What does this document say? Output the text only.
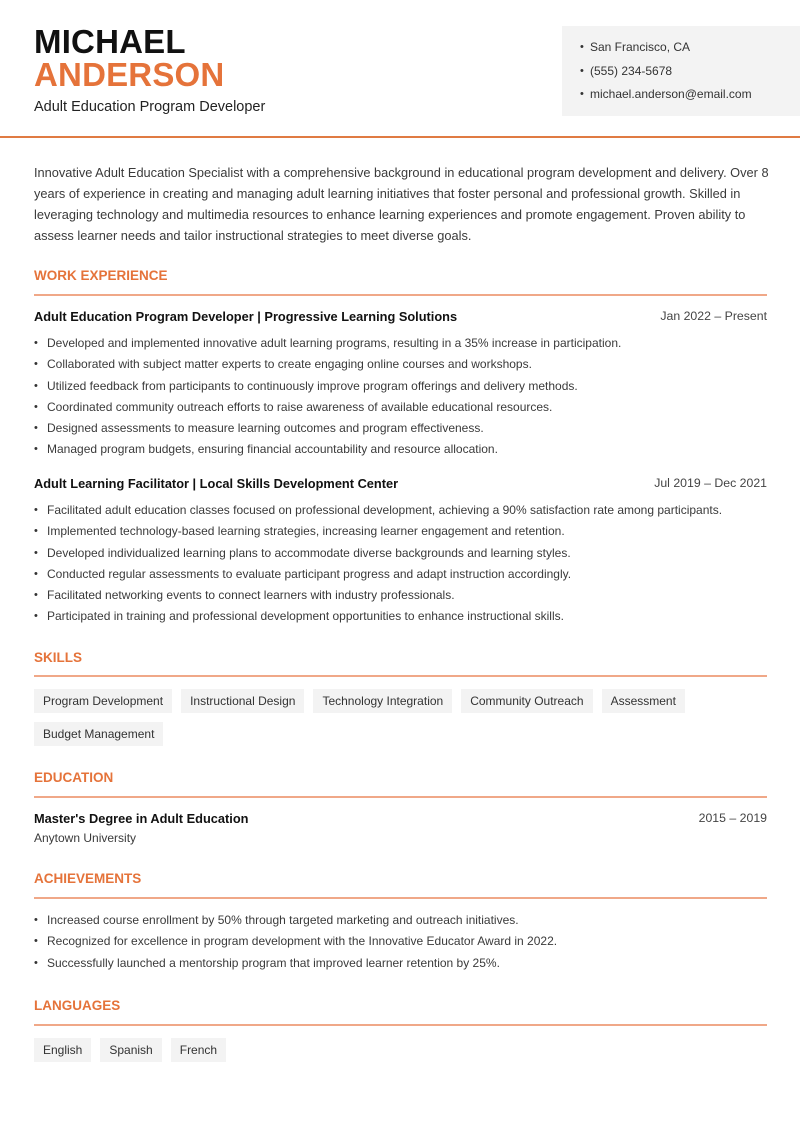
MICHAEL
ANDERSON
Adult Education Program Developer
• San Francisco, CA
• (555) 234-5678
• michael.anderson@email.com

Innovative Adult Education Specialist with a comprehensive background in educational program development and delivery. Over 8 years of experience in creating and managing adult learning initiatives that foster personal and professional growth. Skilled in leveraging technology and multimedia resources to enhance learning experiences and promote engagement. Proven ability to assess learner needs and tailor instructional strategies to meet diverse goals.

WORK EXPERIENCE
Adult Education Program Developer | Progressive Learning Solutions	Jan 2022 – Present
• Developed and implemented innovative adult learning programs, resulting in a 35% increase in participation.
• Collaborated with subject matter experts to create engaging online courses and workshops.
• Utilized feedback from participants to continuously improve program offerings and delivery methods.
• Coordinated community outreach efforts to raise awareness of available educational resources.
• Designed assessments to measure learning outcomes and program effectiveness.
• Managed program budgets, ensuring financial accountability and resource allocation.
Adult Learning Facilitator | Local Skills Development Center	Jul 2019 – Dec 2021
• Facilitated adult education classes focused on professional development, achieving a 90% satisfaction rate among participants.
• Implemented technology-based learning strategies, increasing learner engagement and retention.
• Developed individualized learning plans to accommodate diverse backgrounds and learning styles.
• Conducted regular assessments to evaluate participant progress and adapt instruction accordingly.
• Facilitated networking events to connect learners with industry professionals.
• Participated in training and professional development opportunities to enhance instructional skills.
SKILLS
Program Development	Instructional Design	Technology Integration	Community Outreach	Assessment
Budget Management
EDUCATION
Master's Degree in Adult Education	2015 – 2019
Anytown University
ACHIEVEMENTS
• Increased course enrollment by 50% through targeted marketing and outreach initiatives.
• Recognized for excellence in program development with the Innovative Educator Award in 2022.
• Successfully launched a mentorship program that improved learner retention by 25%.
LANGUAGES
English	Spanish	French
